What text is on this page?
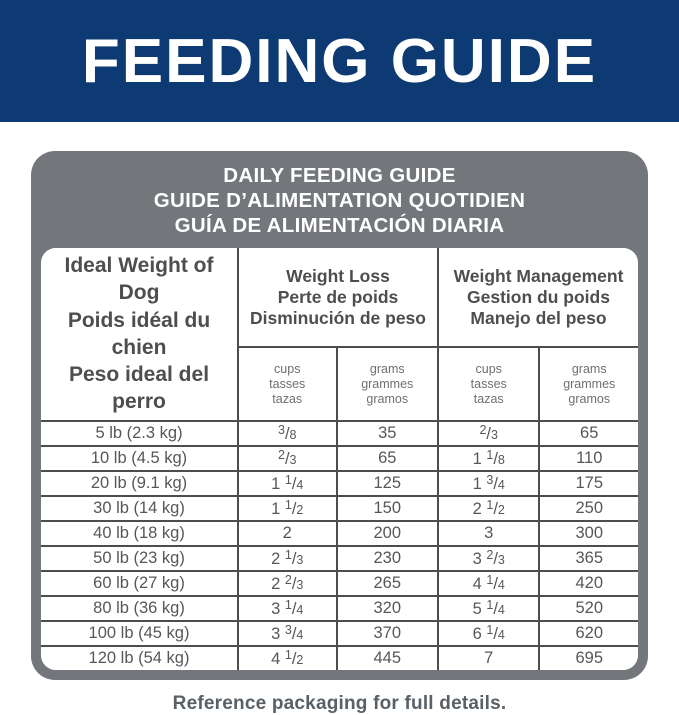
FEEDING GUIDE
DAILY FEEDING GUIDE
GUIDE D’ALIMENTATION QUOTIDIEN
GUÍA DE ALIMENTACIÓN DIARIA
Ideal Weight of Dog
Poids idéal du chien
Peso ideal del perro

Weight Loss
Perte de poids
Disminución de peso

Weight Management
Gestion du poids
Manejo del peso

cups
tasses
tazas

grams
grammes
gramos

cups
tasses
tazas

grams
grammes
gramos

5 lb (2.3 kg)	$^3$/8	35	$^2$/3	65
10 lb (4.5 kg)	$^2$/3	65	1 $^1$/8	110
20 lb (9.1 kg)	1 $^1$/4	125	1 $^3$/4	175
30 lb (14 kg)	1 $^1$/2	150	2 $^1$/2	250
40 lb (18 kg)	2	200	3	300
50 lb (23 kg)	2 $^1$/3	230	3 $^2$/3	365
60 lb (27 kg)	2 $^2$/3	265	4 $^1$/4	420
80 lb (36 kg)	3 $^1$/4	320	5 $^1$/4	520
100 lb (45 kg)	3 $^3$/4	370	6 $^1$/4	620
120 lb (54 kg)	4 $^1$/2	445	7	695
Reference packaging for full details.
